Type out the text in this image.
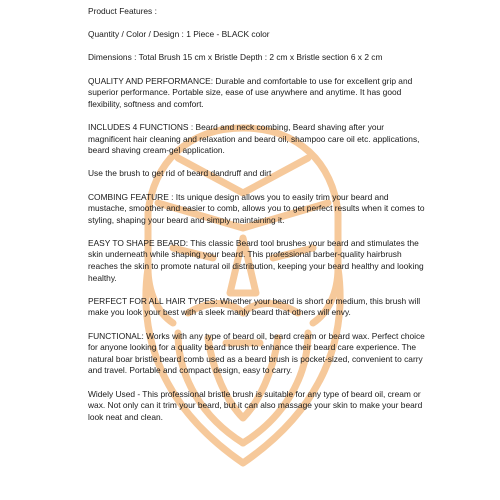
Product Features :

Quantity / Color / Design : 1 Piece - BLACK color

Dimensions : Total Brush 15 cm x Bristle Depth : 2 cm x Bristle section 6 x 2 cm

QUALITY AND PERFORMANCE: Durable and comfortable to use for excellent grip and superior performance. Portable size, ease of use anywhere and anytime. It has good flexibility, softness and comfort.

INCLUDES 4 FUNCTIONS : Beard and neck combing, Beard shaving after your magnificent hair cleaning and relaxation and beard oil, shampoo care oil etc. applications, beard shaving cream-gel application.

Use the brush to get rid of beard dandruff and dirt

COMBING FEATURE : Its unique design allows you to easily trim your beard and mustache, smoother and easier to comb, allows you to get perfect results when it comes to styling, shaping your beard and simply maintaining it.

EASY TO SHAPE BEARD: This classic Beard tool brushes your beard and stimulates the skin underneath while shaping your beard. This professional barber-quality hairbrush reaches the skin to promote natural oil distribution, keeping your beard healthy and looking healthy.

PERFECT FOR ALL HAIR TYPES: Whether your beard is short or medium, this brush will make you look your best with a sleek manly beard that others will envy.

FUNCTIONAL: Works with any type of beard oil, beard cream or beard wax. Perfect choice for anyone looking for a quality beard brush to enhance their beard care experience. The natural boar bristle beard comb used as a beard brush is pocket-sized, convenient to carry and travel. Portable and compact design, easy to carry.

Widely Used - This professional bristle brush is suitable for any type of beard oil, cream or wax. Not only can it trim your beard, but it can also massage your skin to make your beard look neat and clean.
